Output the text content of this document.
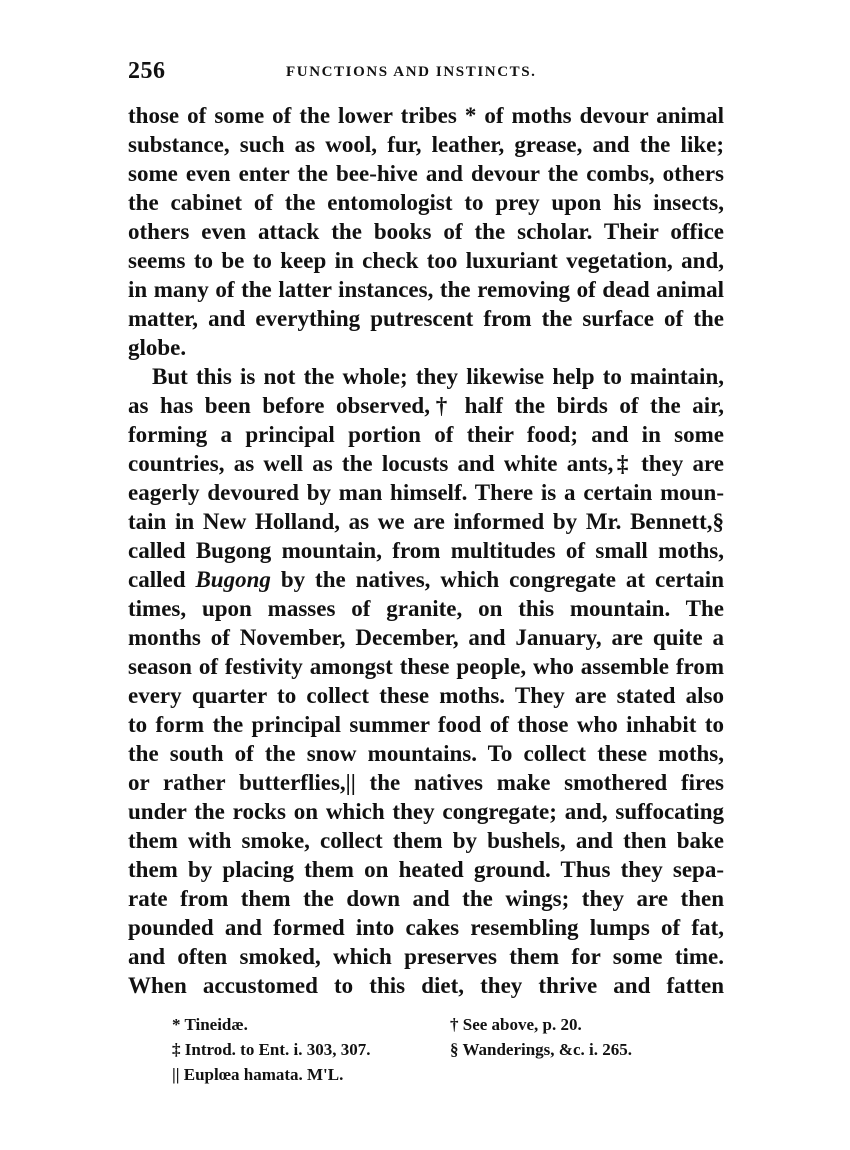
256	FUNCTIONS AND INSTINCTS.
those of some of the lower tribes * of moths devour animal
substance, such as wool, fur, leather, grease, and the like;
some even enter the bee-hive and devour the combs, others
the cabinet of the entomologist to prey upon his insects,
others even attack the books of the scholar. Their office
seems to be to keep in check too luxuriant vegetation, and,
in many of the latter instances, the removing of dead animal
matter, and everything putrescent from the surface of the
globe.
But this is not the whole; they likewise help to maintain,
as has been before observed,† half the birds of the air,
forming a principal portion of their food; and in some
countries, as well as the locusts and white ants,‡ they are
eagerly devoured by man himself. There is a certain moun-
tain in New Holland, as we are informed by Mr. Bennett,§
called Bugong mountain, from multitudes of small moths,
called Bugong by the natives, which congregate at certain
times, upon masses of granite, on this mountain. The
months of November, December, and January, are quite a
season of festivity amongst these people, who assemble from
every quarter to collect these moths. They are stated also
to form the principal summer food of those who inhabit to
the south of the snow mountains. To collect these moths,
or rather butterflies,|| the natives make smothered fires
under the rocks on which they congregate; and, suffocating
them with smoke, collect them by bushels, and then bake
them by placing them on heated ground. Thus they sepa-
rate from them the down and the wings; they are then
pounded and formed into cakes resembling lumps of fat,
and often smoked, which preserves them for some time.
When accustomed to this diet, they thrive and fatten
* Tineidæ.	† See above, p. 20.
‡ Introd. to Ent. i. 303, 307.	§ Wanderings, &c. i. 265.
|| Euplœa hamata. M'L.
